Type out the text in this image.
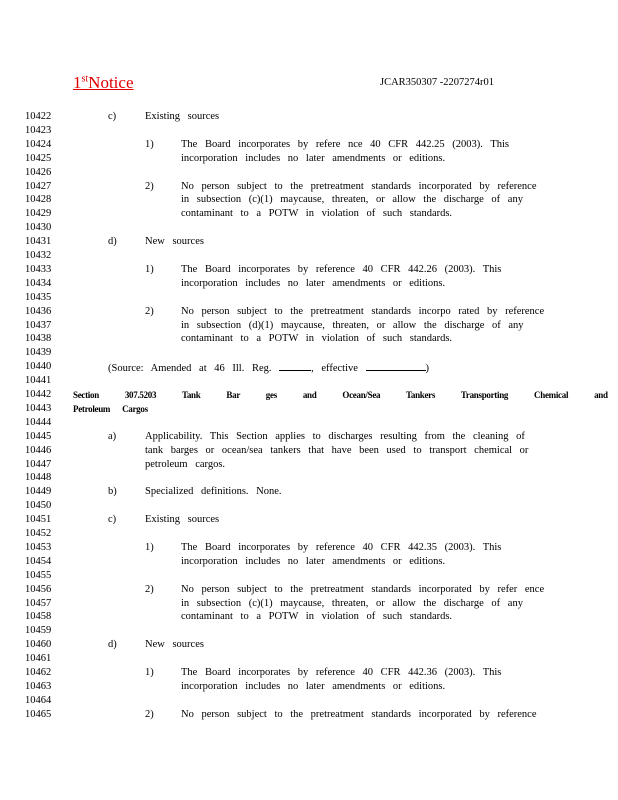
1stNotice	JCAR350307 -2207274r01
10422	c)	Existing sources
10423
10424	1)	The Board incorporates by refere nce 40 CFR 442.25 (2003). This
10425	incorporation includes no later amendments or editions.
10426
10427	2)	No person subject to the pretreatment standards incorporated by reference
10428	in subsection (c)(1) maycause, threaten, or allow the discharge of any
10429	contaminant to a POTW in violation of such standards.
10430
10431	d)	New sources
10432
10433	1)	The Board incorporates by reference 40 CFR 442.26 (2003). This
10434	incorporation includes no later amendments or editions.
10435
10436	2)	No person subject to the pretreatment standards incorpo rated by reference
10437	in subsection (d)(1) maycause, threaten, or allow the discharge of any
10438	contaminant to a POTW in violation of such standards.
10439
10440	(Source: Amended at 46 Ill. Reg.	, effective	)
10441
10442 Section 307.5203 Tank Bar ges and Ocean/Sea Tankers Transporting Chemical and
10443 Petroleum Cargos
10444
10445	a)	Applicability. This Section applies to discharges resulting from the cleaning of
10446	tank barges or ocean/sea tankers that have been used to transport chemical or
10447	petroleum cargos.
10448
10449	b)	Specialized definitions. None.
10450
10451	c)	Existing sources
10452
10453	1)	The Board incorporates by reference 40 CFR 442.35 (2003). This
10454	incorporation includes no later amendments or editions.
10455
10456	2)	No person subject to the pretreatment standards incorporated by refer ence
10457	in subsection (c)(1) maycause, threaten, or allow the discharge of any
10458	contaminant to a POTW in violation of such standards.
10459
10460	d)	New sources
10461
10462	1)	The Board incorporates by reference 40 CFR 442.36 (2003). This
10463	incorporation includes no later amendments or editions.
10464
10465	2)	No person subject to the pretreatment standards incorporated by reference
